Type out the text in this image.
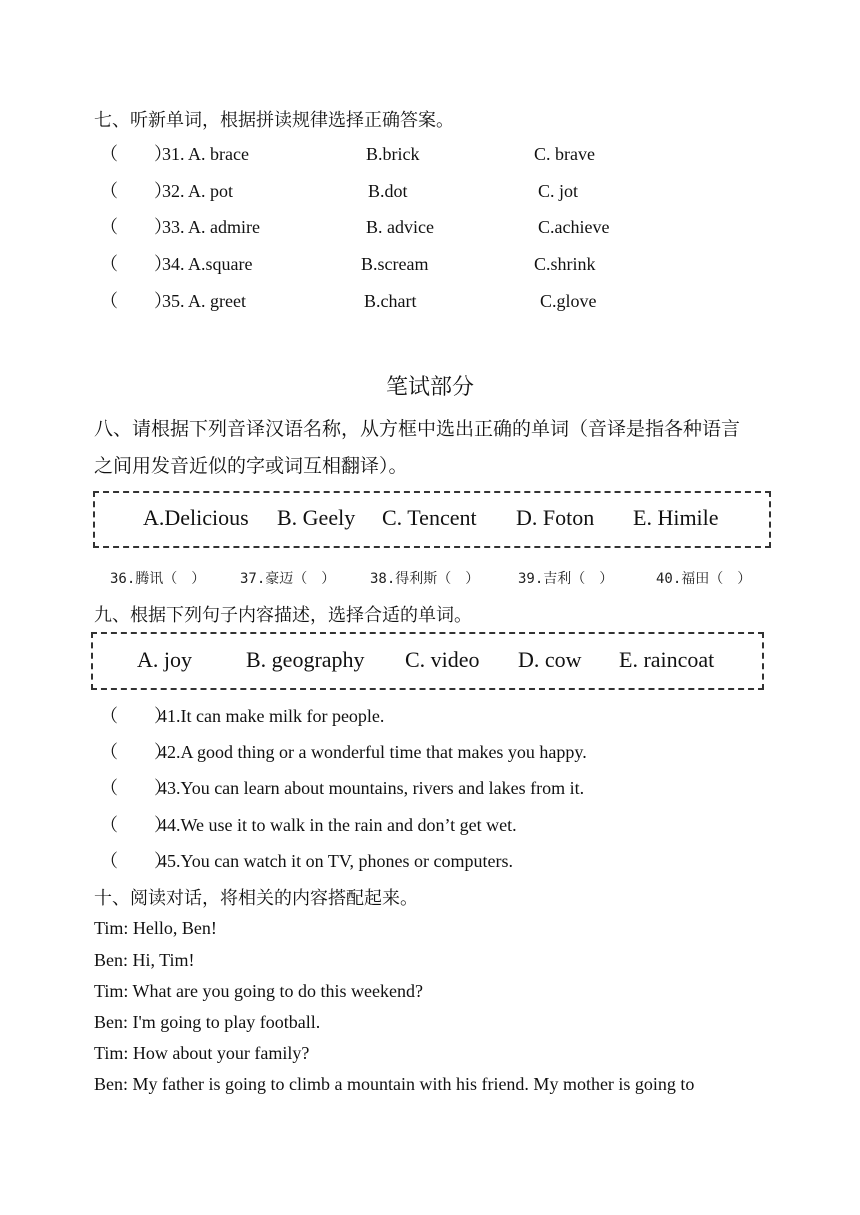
七、听新单词，根据拼读规律选择正确答案。
（　　）
31. A. brace	B.brick	C. brave
（　　）
32. A. pot	B.dot	C. jot
（　　）
33. A. admire	B. advice	C.achieve
（　　）
34. A.square	B.scream	C.shrink
（　　）
35. A. greet	B.chart	C.glove
笔试部分
八、请根据下列音译汉语名称，从方框中选出正确的单词（音译是指各种语言
之间用发音近似的字或词互相翻译）。
A.Delicious B. Geely C. Tencent D. Foton E. Himile
36.腾讯（　） 37.豪迈（　） 38.得利斯（　）	39.吉利（　）	40.福田（　）
九、根据下列句子内容描述，选择合适的单词。
A. joy B. geography C. video D. cow E. raincoat
（　　）
41.It can make milk for people.
（　　）
42.A good thing or a wonderful time that makes you happy.
（　　）
43.You can learn about mountains, rivers and lakes from it.
（　　）
44.We use it to walk in the rain and don’t get wet.
（　　）
45.You can watch it on TV, phones or computers.
十、阅读对话，将相关的内容搭配起来。
Tim: Hello, Ben!
Ben: Hi, Tim!
Tim: What are you going to do this weekend?
Ben: I'm going to play football.
Tim: How about your family?
Ben: My father is going to climb a mountain with his friend. My mother is going to
